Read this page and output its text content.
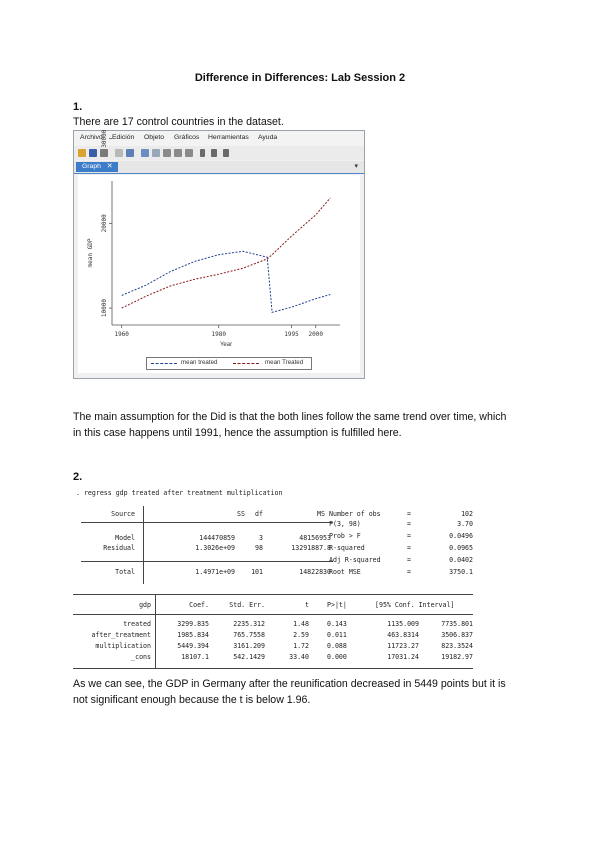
Difference in Differences: Lab Session 2
1.
There are 17 control countries in the dataset.
Archivo Edición Objeto Gráficos Herramientas Ayuda
Graph ✕	▾
10000
20000
30000
1960	1980	1995 2000
mean GDP
Year
mean treated	mean Treated
The main assumption for the Did is that the both lines follow the same trend over time, which
in this case happens until 1991, hence the assumption is fulfilled here.
2.
. regress gdp treated after treatment multiplication
Source	SS	df	MS
Model	144470859	3	48156953
Residual	1.3026e+09	98	13291887.8
Total	1.4971e+09	101	14822830
Number of obs	=	102
F(3, 98)	=	3.70
Prob > F	=	0.0496
R-squared	=	0.0965
Adj R-squared	=	0.0402
Root MSE	=	3750.1
gdp	Coef.	Std. Err.	t	P>|t|	[95% Conf. Interval]
treated	3299.835	2235.312	1.48	0.143	1135.009	7735.801
after_treatment	1985.834	765.7558	2.59	0.011	463.8314	3506.837
multiplication	5449.394	3161.209	1.72	0.088	11723.27	823.3524
_cons	18107.1	542.1429	33.40	0.000	17031.24	19182.97
As we can see, the GDP in Germany after the reunification decreased in 5449 points but it is
not significant enough because the t is below 1.96.
